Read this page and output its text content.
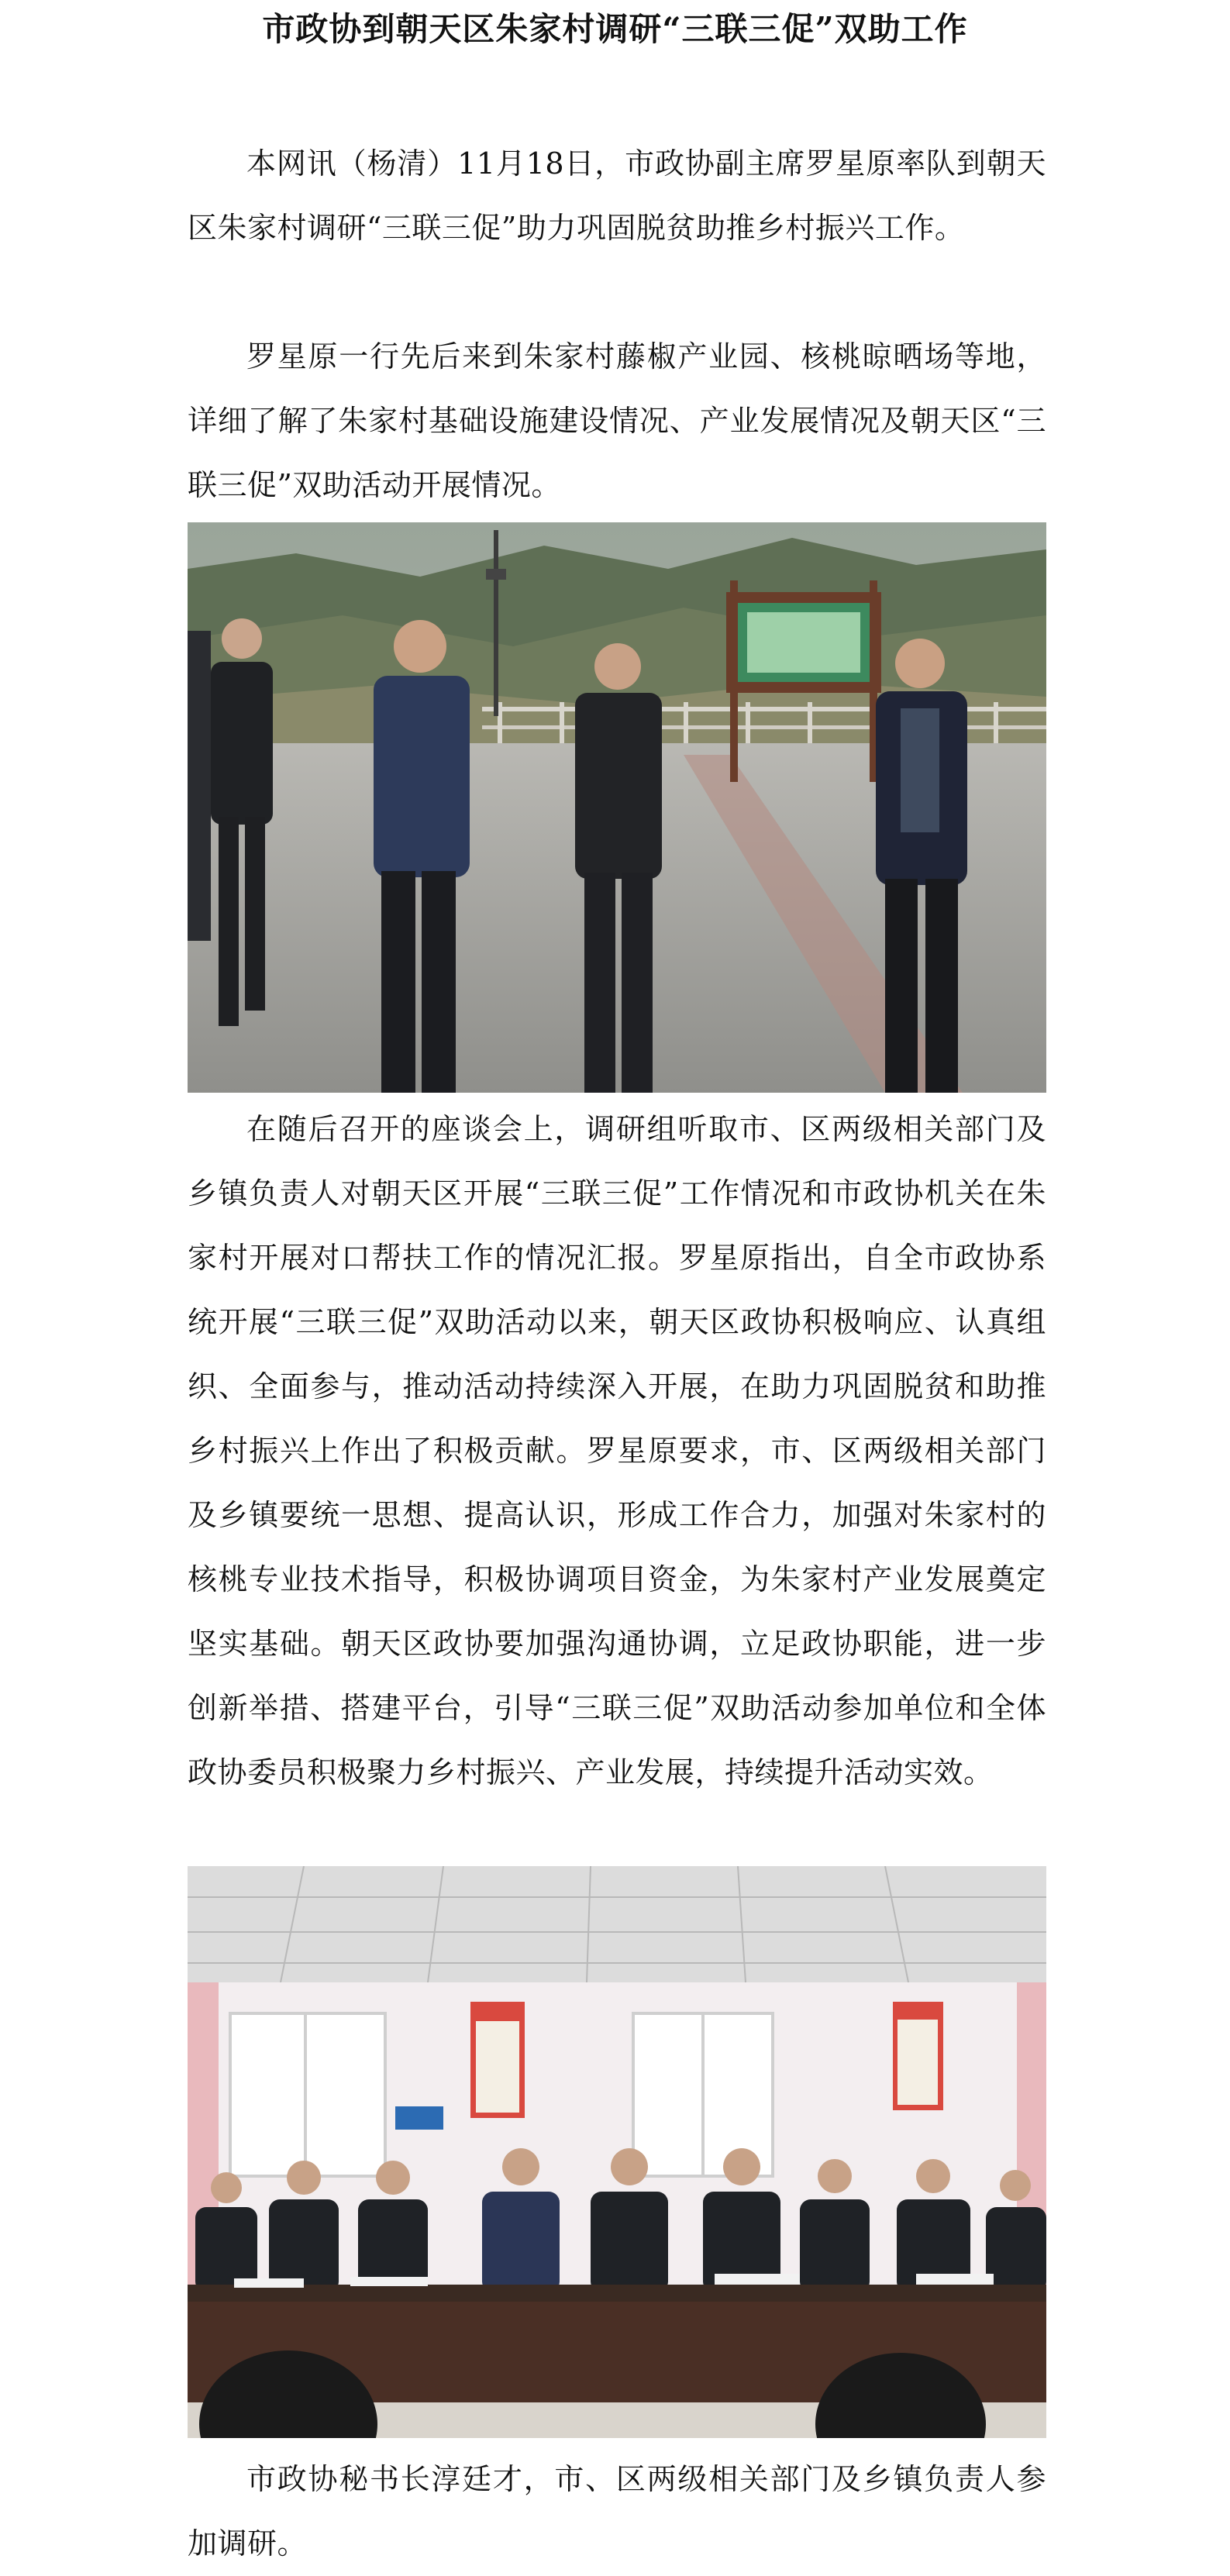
市政协到朝天区朱家村调研“三联三促”双助工作

本网讯（杨清）11月18日，市政协副主席罗星原率队到朝天区朱家村调研“三联三促”助力巩固脱贫助推乡村振兴工作。

罗星原一行先后来到朱家村藤椒产业园、核桃晾晒场等地，详细了解了朱家村基础设施建设情况、产业发展情况及朝天区“三联三促”双助活动开展情况。

在随后召开的座谈会上，调研组听取市、区两级相关部门及乡镇负责人对朝天区开展“三联三促”工作情况和市政协机关在朱家村开展对口帮扶工作的情况汇报。罗星原指出，自全市政协系统开展“三联三促”双助活动以来，朝天区政协积极响应、认真组织、全面参与，推动活动持续深入开展，在助力巩固脱贫和助推乡村振兴上作出了积极贡献。罗星原要求，市、区两级相关部门及乡镇要统一思想、提高认识，形成工作合力，加强对朱家村的核桃专业技术指导，积极协调项目资金，为朱家村产业发展奠定坚实基础。朝天区政协要加强沟通协调，立足政协职能，进一步创新举措、搭建平台，引导“三联三促”双助活动参加单位和全体政协委员积极聚力乡村振兴、产业发展，持续提升活动实效。

市政协秘书长淳廷才，市、区两级相关部门及乡镇负责人参加调研。
